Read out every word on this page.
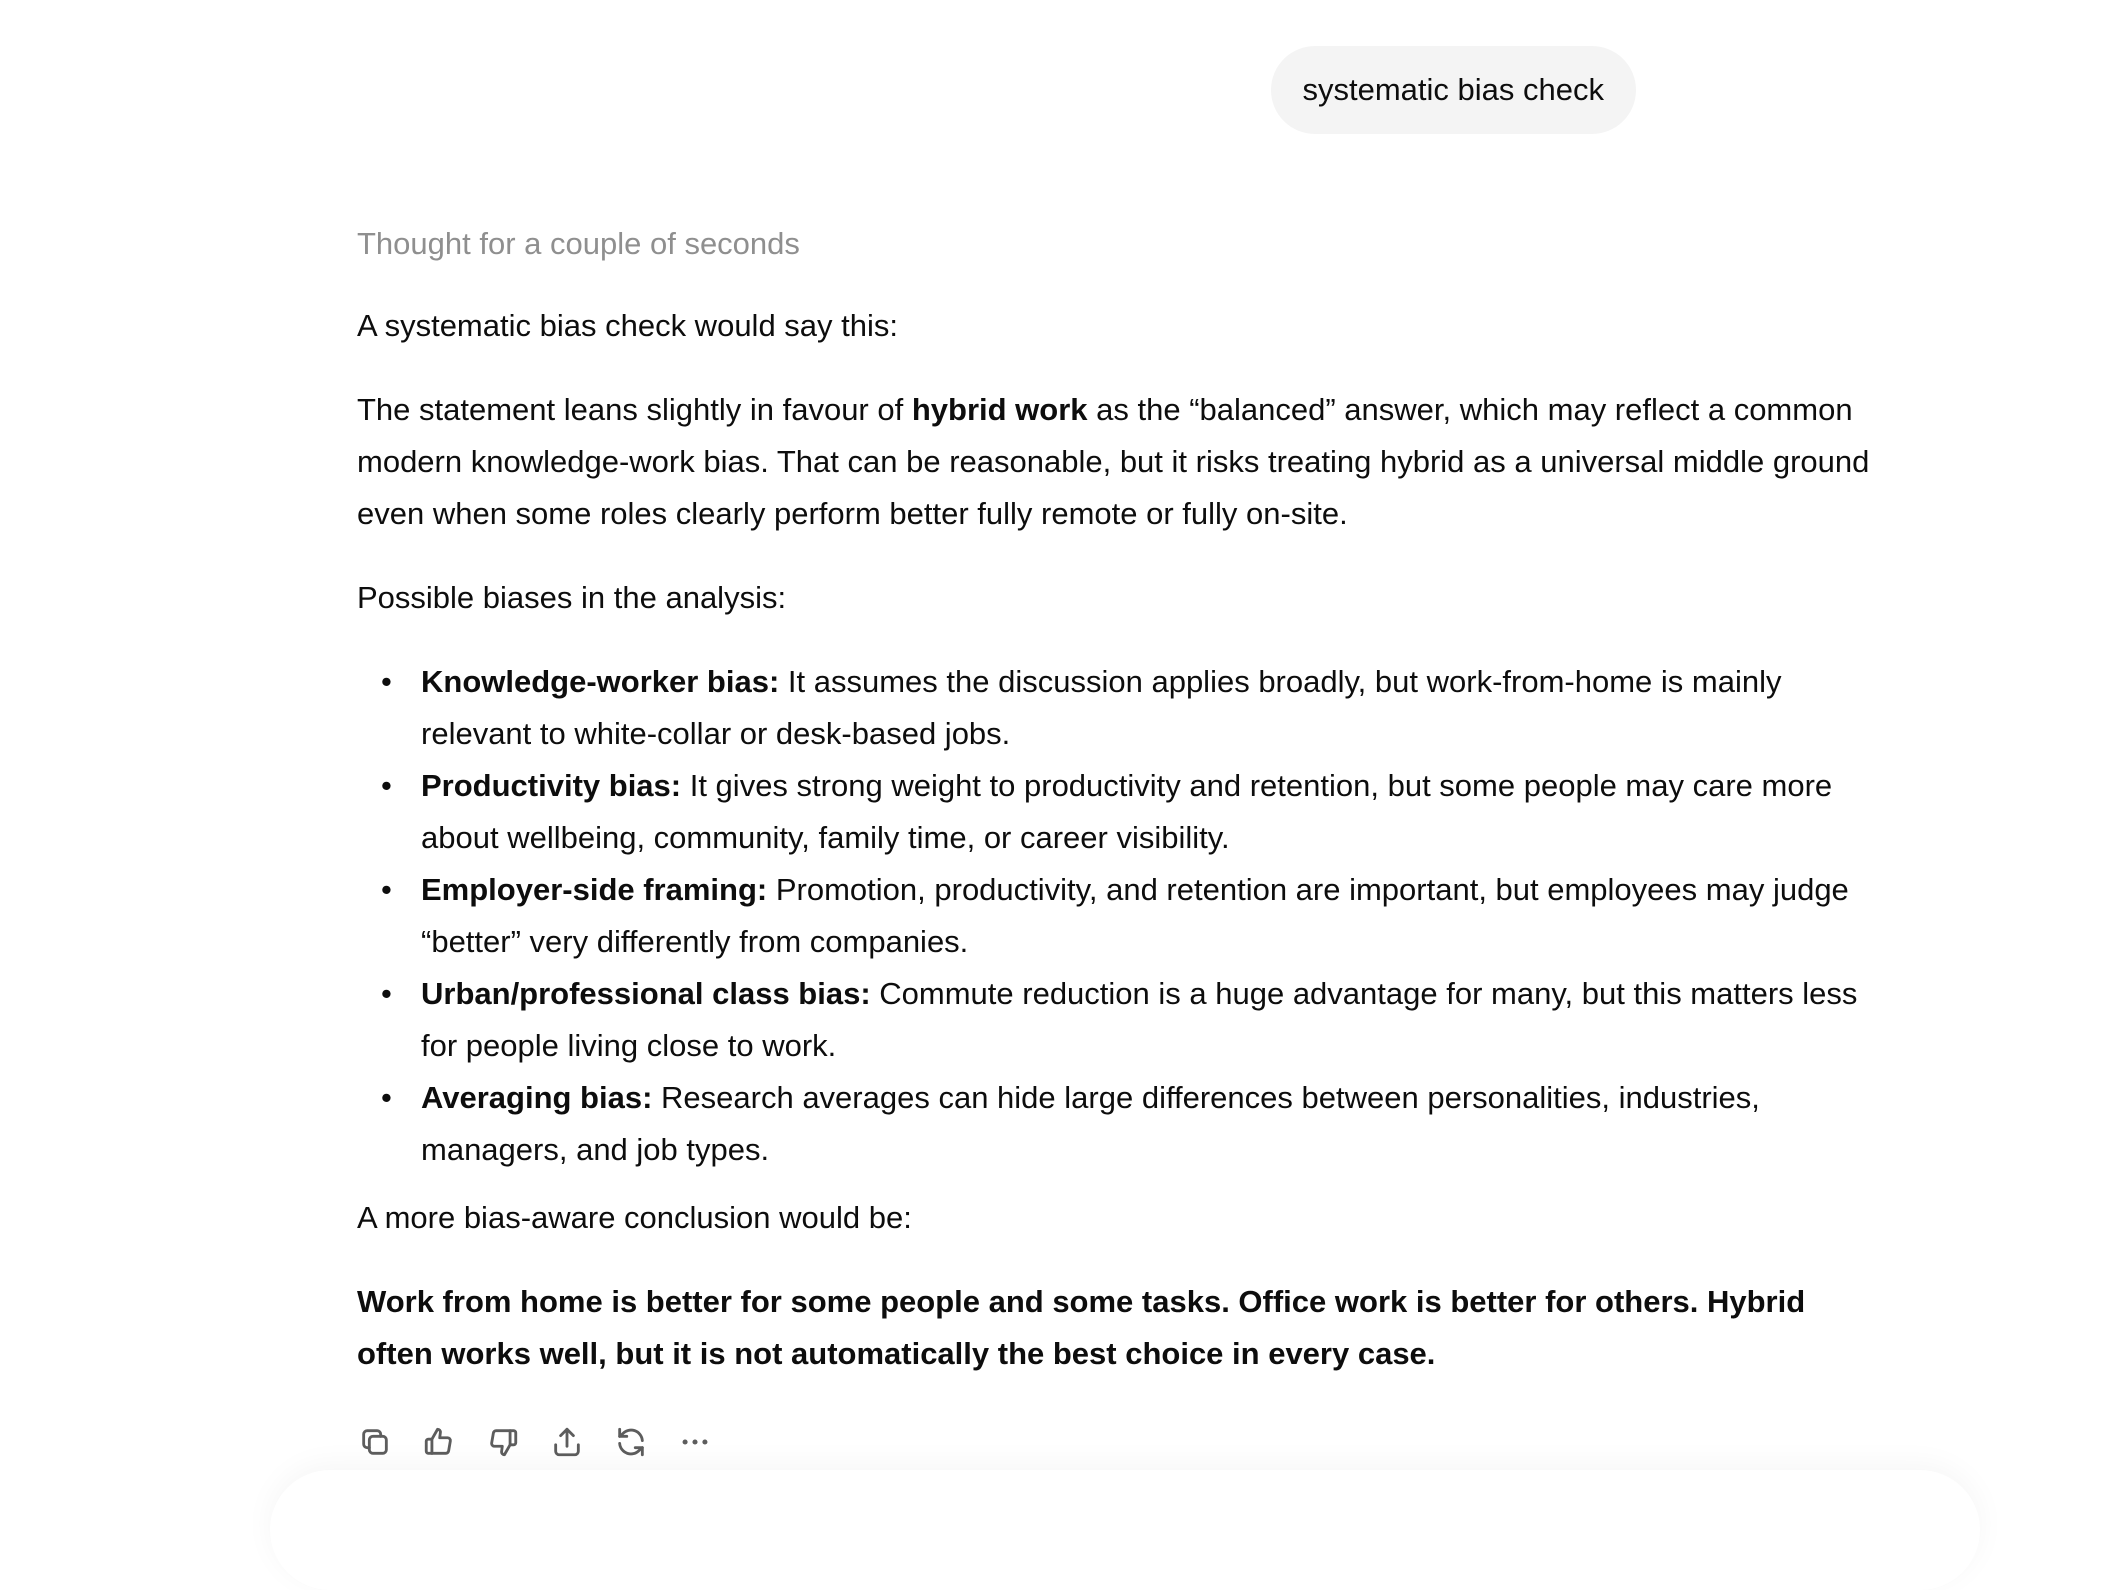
systematic bias check
Thought for a couple of seconds

A systematic bias check would say this:

The statement leans slightly in favour of hybrid work as the “balanced” answer, which may reflect a common modern knowledge-work bias. That can be reasonable, but it risks treating hybrid as a universal middle ground even when some roles clearly perform better fully remote or fully on-site.

Possible biases in the analysis:

• Knowledge-worker bias: It assumes the discussion applies broadly, but work-from-home is mainly relevant to white-collar or desk-based jobs.
• Productivity bias: It gives strong weight to productivity and retention, but some people may care more about wellbeing, community, family time, or career visibility.
• Employer-side framing: Promotion, productivity, and retention are important, but employees may judge “better” very differently from companies.
• Urban/professional class bias: Commute reduction is a huge advantage for many, but this matters less for people living close to work.
• Averaging bias: Research averages can hide large differences between personalities, industries, managers, and job types.

A more bias-aware conclusion would be:

Work from home is better for some people and some tasks. Office work is better for others. Hybrid often works well, but it is not automatically the best choice in every case.
